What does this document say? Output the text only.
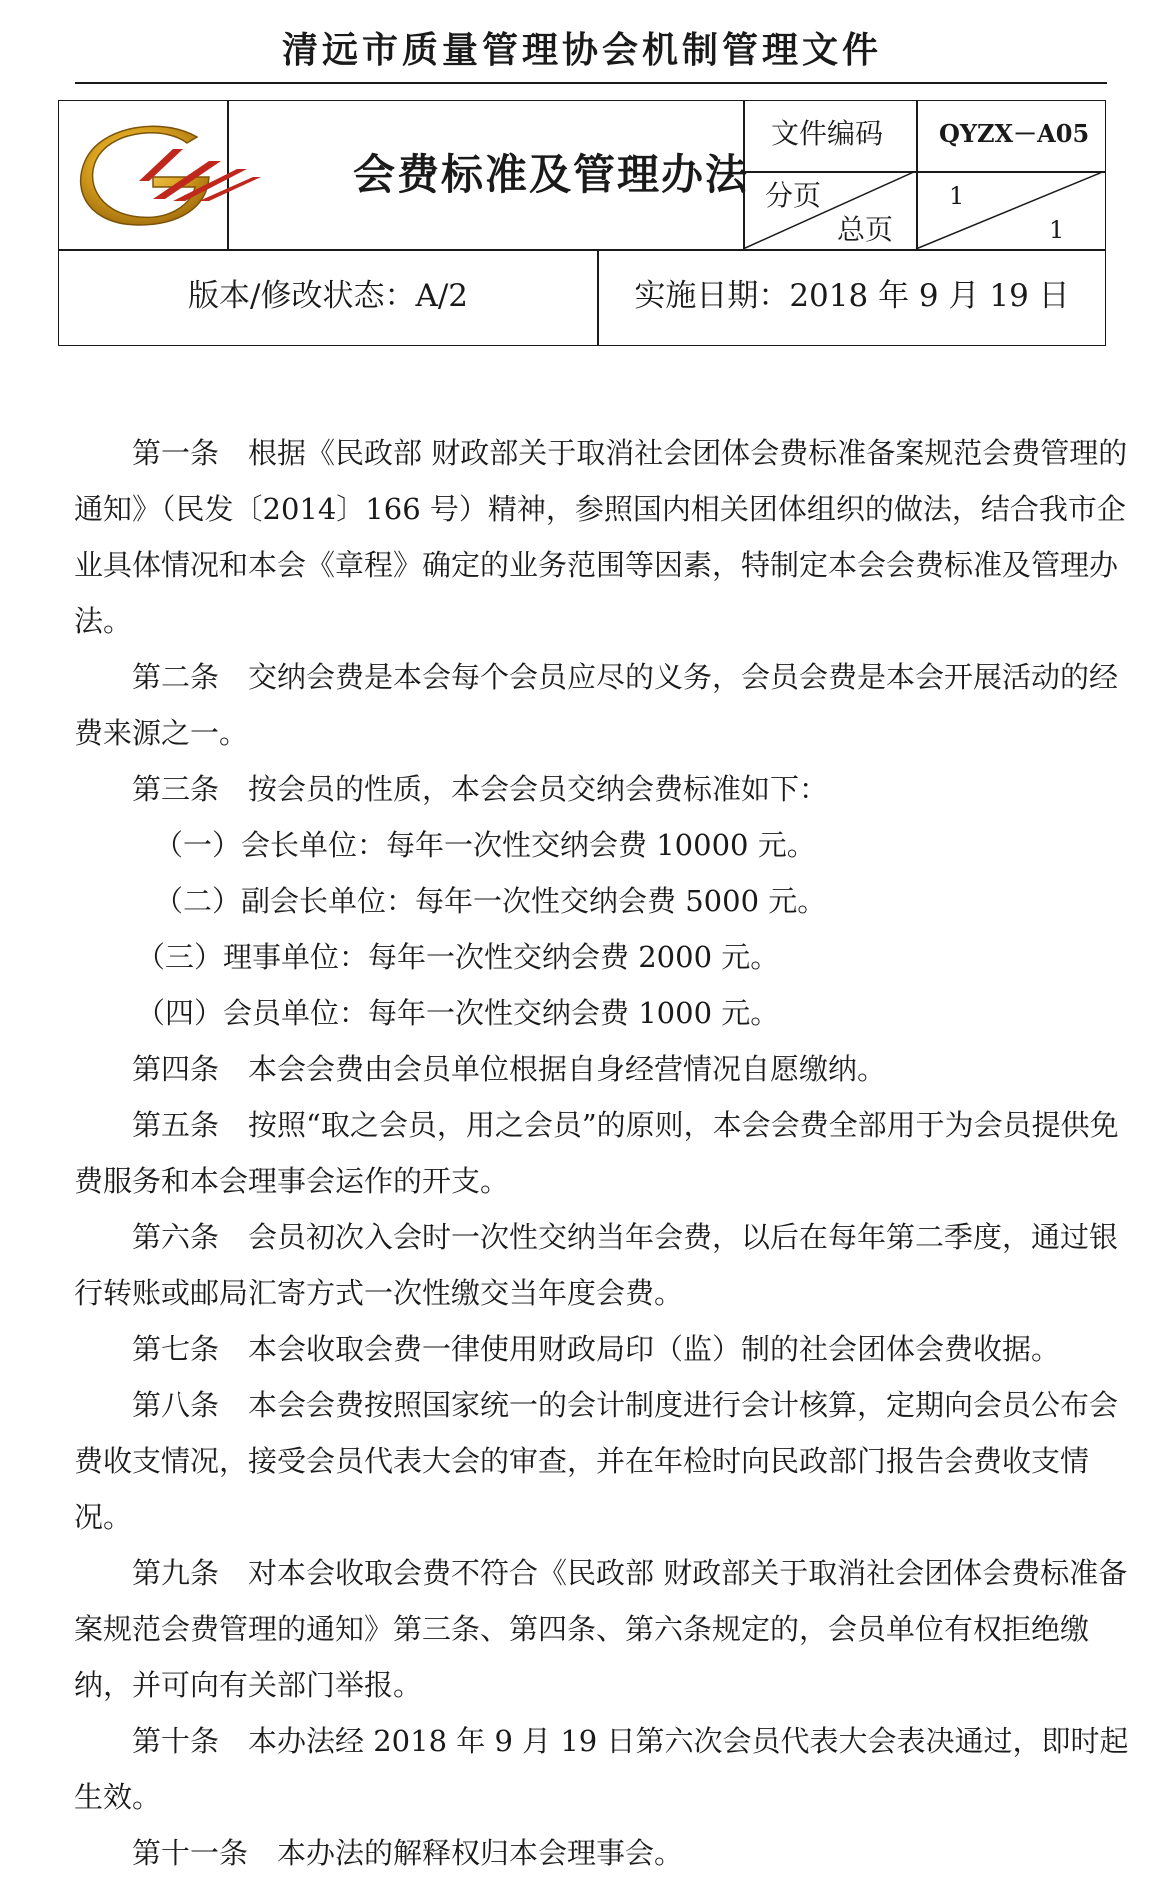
清远市质量管理协会机制管理文件
会费标准及管理办法
文件编码 QYZX－A05
分页	1
总页	1
版本/修改状态：A/2	实施日期：2018 年 9 月 19 日

第一条　根据《民政部 财政部关于取消社会团体会费标准备案规范会费管理的通知》（民发〔2014〕166 号）精神，参照国内相关团体组织的做法，结合我市企业具体情况和本会《章程》确定的业务范围等因素，特制定本会会费标准及管理办法。

第二条　交纳会费是本会每个会员应尽的义务，会员会费是本会开展活动的经费来源之一。

第三条　按会员的性质，本会会员交纳会费标准如下：

（一）会长单位：每年一次性交纳会费 10000 元。

（二）副会长单位：每年一次性交纳会费 5000 元。

（三）理事单位：每年一次性交纳会费 2000 元。

（四）会员单位：每年一次性交纳会费 1000 元。

第四条　本会会费由会员单位根据自身经营情况自愿缴纳。

第五条　按照“取之会员，用之会员”的原则，本会会费全部用于为会员提供免费服务和本会理事会运作的开支。

第六条　会员初次入会时一次性交纳当年会费，以后在每年第二季度，通过银行转账或邮局汇寄方式一次性缴交当年度会费。

第七条　本会收取会费一律使用财政局印（监）制的社会团体会费收据。

第八条　本会会费按照国家统一的会计制度进行会计核算，定期向会员公布会费收支情况，接受会员代表大会的审查，并在年检时向民政部门报告会费收支情况。

第九条　对本会收取会费不符合《民政部 财政部关于取消社会团体会费标准备案规范会费管理的通知》第三条、第四条、第六条规定的，会员单位有权拒绝缴纳，并可向有关部门举报。

第十条　本办法经 2018 年 9 月 19 日第六次会员代表大会表决通过，即时起生效。

第十一条　本办法的解释权归本会理事会。
